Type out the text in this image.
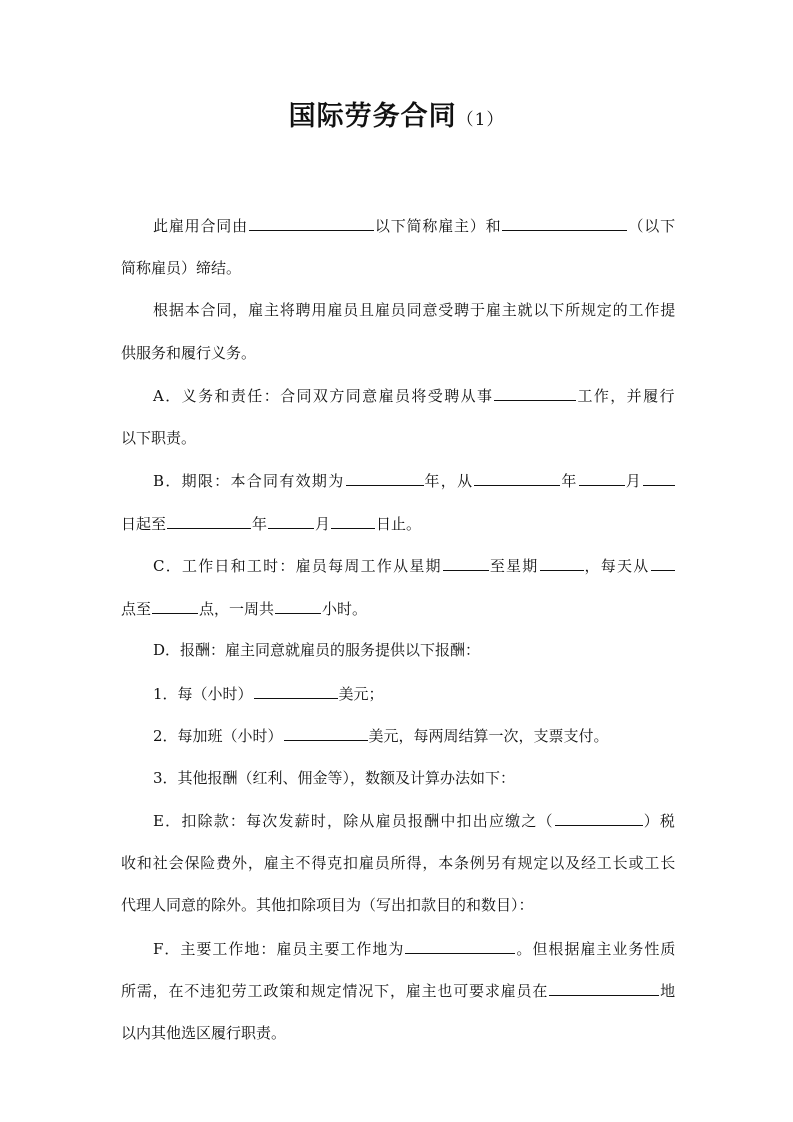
国际劳务合同（1）
此雇用合同由	以下简称雇主）和	（以下
简称雇员）缔结。
根据本合同，雇主将聘用雇员且雇员同意受聘于雇主就以下所规定的工作提
供服务和履行义务。
A．义务和责任：合同双方同意雇员将受聘从事	工作，并履行
以下职责。
B．期限：本合同有效期为	年，从	年	月
日起至	年	月	日止。
C．工作日和工时：雇员每周工作从星期	至星期	，每天从
点至	点，一周共	小时。
D．报酬：雇主同意就雇员的服务提供以下报酬：
1．每（小时）	美元；
2．每加班（小时）	美元，每两周结算一次，支票支付。
3．其他报酬（红利、佣金等），数额及计算办法如下：
E．扣除款：每次发薪时，除从雇员报酬中扣出应缴之（	）税
收和社会保险费外，雇主不得克扣雇员所得，本条例另有规定以及经工长或工长
代理人同意的除外。其他扣除项目为（写出扣款目的和数目）：
F．主要工作地：雇员主要工作地为	。但根据雇主业务性质
所需，在不违犯劳工政策和规定情况下，雇主也可要求雇员在	地
以内其他选区履行职责。
